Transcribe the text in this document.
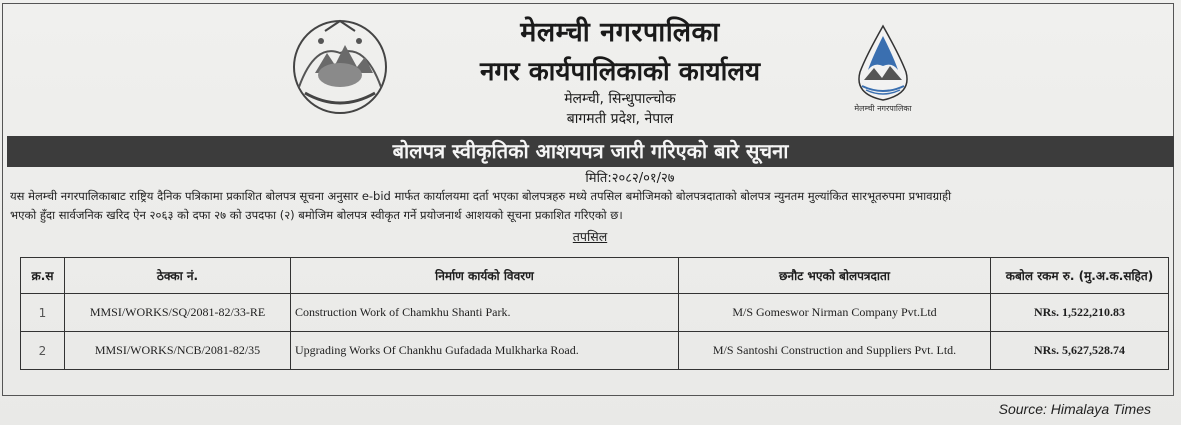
मेलम्ची नगरपालिका
मेलम्ची नगरपालिका
नगर कार्यपालिकाको कार्यालय
मेलम्ची, सिन्धुपाल्चोक
बागमती प्रदेश, नेपाल
बोलपत्र स्वीकृतिको आशयपत्र जारी गरिएको बारे सूचना
मिति:२०८२/०१/२७
यस मेलम्ची नगरपालिकाबाट राष्ट्रिय दैनिक पत्रिकामा प्रकाशित बोलपत्र सूचना अनुसार e-bid मार्फत कार्यालयमा दर्ता भएका बोलपत्रहरु मध्ये तपसिल बमोजिमको बोलपत्रदाताको बोलपत्र न्युनतम मुल्यांकित सारभूतरुपमा प्रभावग्राही
भएको हुँदा सार्वजनिक खरिद ऐन २०६३ को दफा २७ को उपदफा (२) बमोजिम बोलपत्र स्वीकृत गर्ने प्रयोजनार्थ आशयको सूचना प्रकाशित गरिएको छ।
तपसिल
क्र.स	ठेक्का नं.	निर्माण कार्यको विवरण	छनौट भएको बोलपत्रदाता	कबोल रकम रु. (मु.अ.क.सहित)
1	MMSI/WORKS/SQ/2081-82/33-RE	Construction Work of Chamkhu Shanti Park.	M/S Gomeswor Nirman Company Pvt.Ltd	NRs. 1,522,210.83
2	MMSI/WORKS/NCB/2081-82/35	Upgrading Works Of Chankhu Gufadada Mulkharka Road.	M/S Santoshi Construction and Suppliers Pvt. Ltd.	NRs. 5,627,528.74
Source: Himalaya Times
